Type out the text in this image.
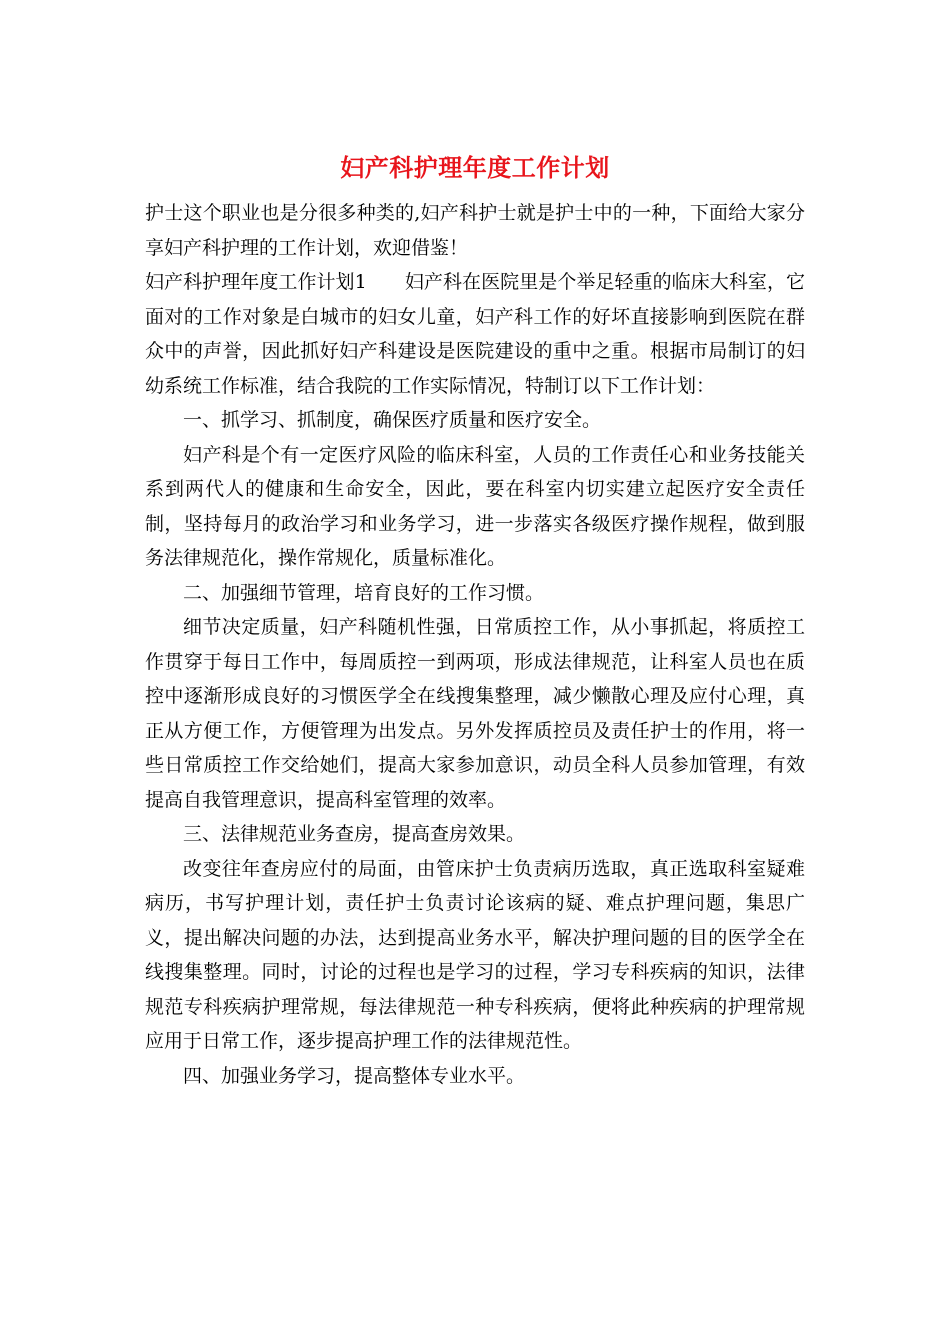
妇产科护理年度工作计划

护士这个职业也是分很多种类的,妇产科护士就是护士中的一种，下面给大家分享妇产科护理的工作计划，欢迎借鉴！

妇产科护理年度工作计划1　　妇产科在医院里是个举足轻重的临床大科室，它面对的工作对象是白城市的妇女儿童，妇产科工作的好坏直接影响到医院在群众中的声誉，因此抓好妇产科建设是医院建设的重中之重。根据市局制订的妇幼系统工作标准，结合我院的工作实际情况，特制订以下工作计划：

一、抓学习、抓制度，确保医疗质量和医疗安全。

妇产科是个有一定医疗风险的临床科室，人员的工作责任心和业务技能关系到两代人的健康和生命安全，因此，要在科室内切实建立起医疗安全责任制，坚持每月的政治学习和业务学习，进一步落实各级医疗操作规程，做到服务法律规范化，操作常规化，质量标准化。

二、加强细节管理，培育良好的工作习惯。

细节决定质量，妇产科随机性强，日常质控工作，从小事抓起，将质控工作贯穿于每日工作中，每周质控一到两项，形成法律规范，让科室人员也在质控中逐渐形成良好的习惯医学全在线搜集整理，减少懒散心理及应付心理，真正从方便工作，方便管理为出发点。另外发挥质控员及责任护士的作用，将一些日常质控工作交给她们，提高大家参加意识，动员全科人员参加管理，有效提高自我管理意识，提高科室管理的效率。

三、法律规范业务查房，提高查房效果。

改变往年查房应付的局面，由管床护士负责病历选取，真正选取科室疑难病历，书写护理计划，责任护士负责讨论该病的疑、难点护理问题，集思广义，提出解决问题的办法，达到提高业务水平，解决护理问题的目的医学全在线搜集整理。同时，讨论的过程也是学习的过程，学习专科疾病的知识，法律规范专科疾病护理常规，每法律规范一种专科疾病，便将此种疾病的护理常规应用于日常工作，逐步提高护理工作的法律规范性。

四、加强业务学习，提高整体专业水平。
